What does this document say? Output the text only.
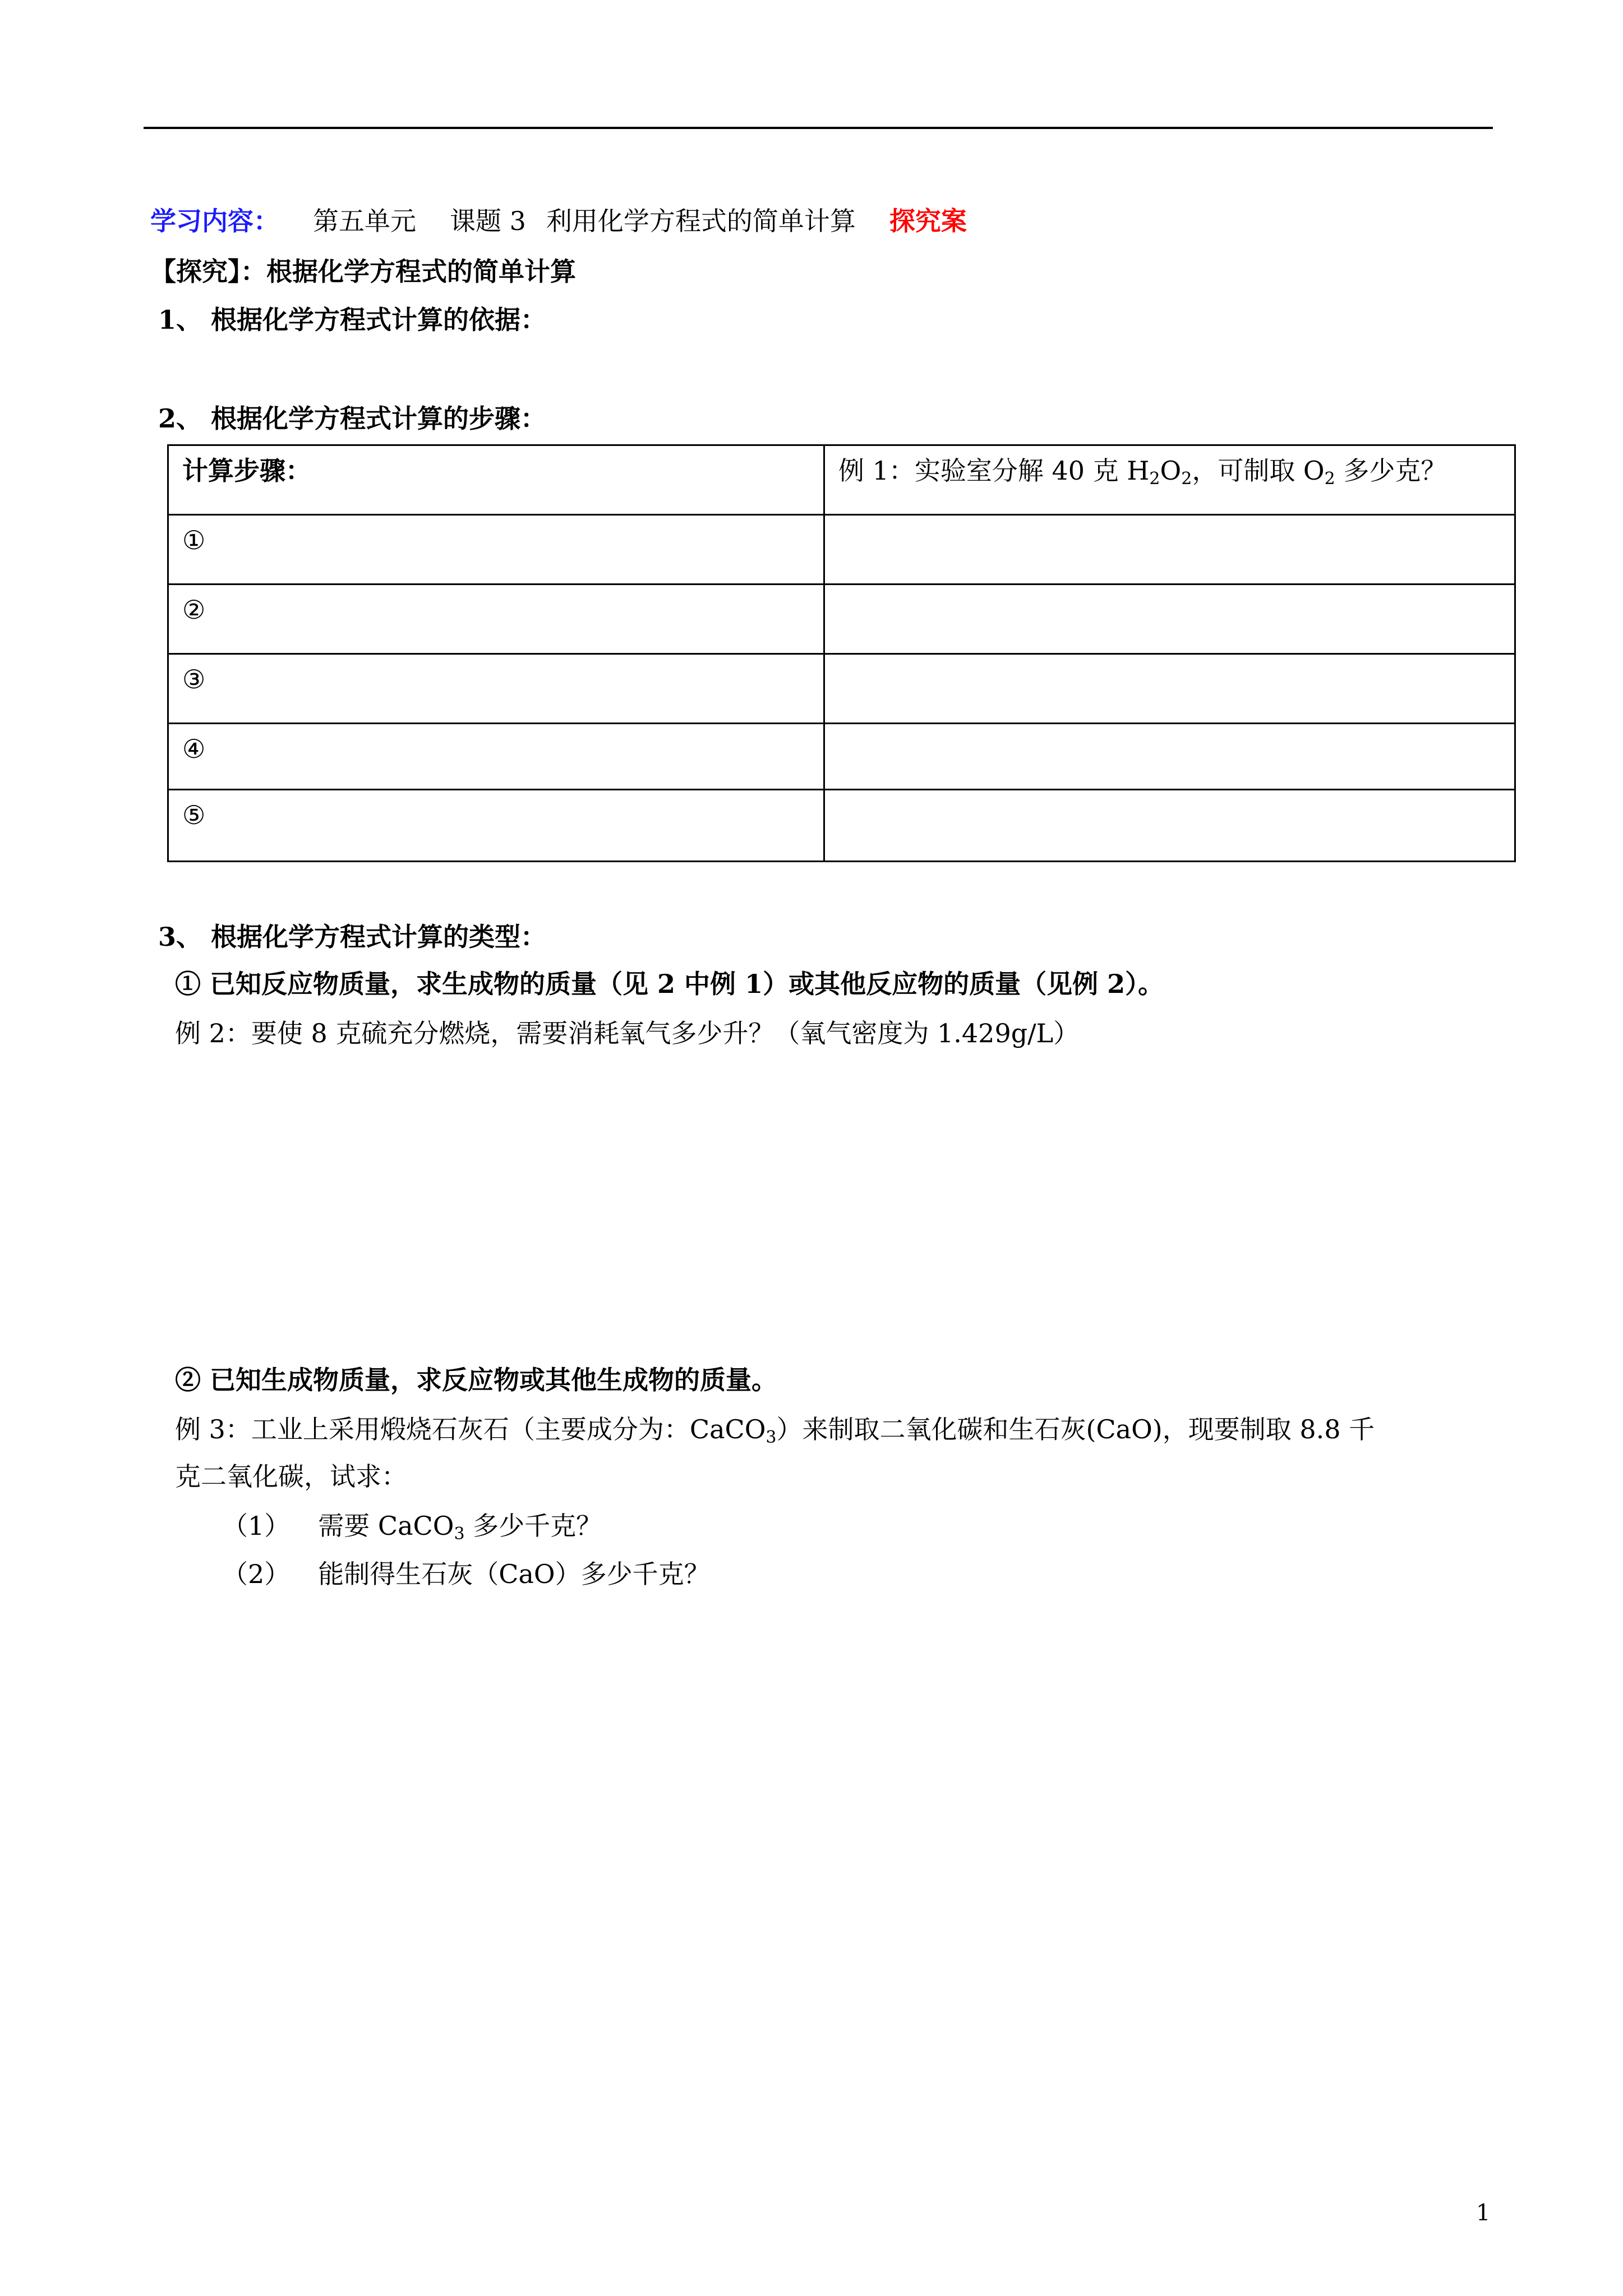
学习内容： 第五单元 课题 3 利用化学方程式的简单计算 探究案
【探究】：根据化学方程式的简单计算
1、 根据化学方程式计算的依据：
2、 根据化学方程式计算的步骤：
计算步骤：	例 1：实验室分解 40 克 $H_2O_2$，可制取 $O_2$ 多少克？
①	
②	
③	
④	
⑤	
3、 根据化学方程式计算的类型：
① 已知反应物质量，求生成物的质量（见 2 中例 1）或其他反应物的质量（见例 2）。
例 2：要使 8 克硫充分燃烧，需要消耗氧气多少升？（氧气密度为 1.429g/L）
② 已知生成物质量，求反应物或其他生成物的质量。
例 3：工业上采用煅烧石灰石（主要成分为：CaCO$_3$）来制取二氧化碳和生石灰(CaO)，现要制取 8.8 千
克二氧化碳，试求：
（1） 需要 CaCO$_3$ 多少千克？
（2） 能制得生石灰（CaO）多少千克？
1
